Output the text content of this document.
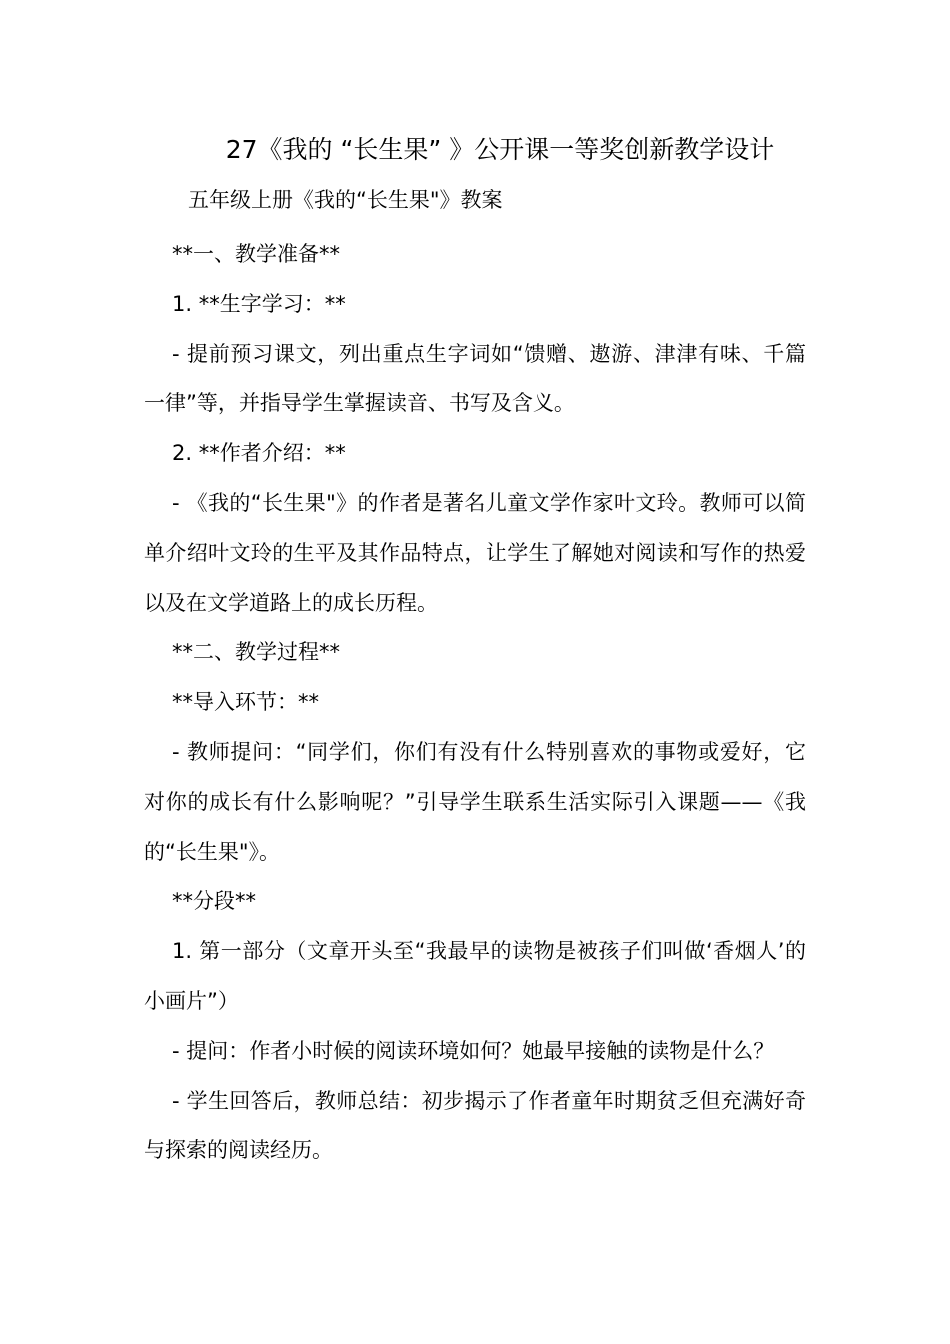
27《我的 “长生果” 》公开课一等奖创新教学设计
五年级上册《我的“长生果"》教案

**一、教学准备**

1. **生字学习：**

- 提前预习课文，列出重点生字词如“馈赠、遨游、津津有味、千篇一律”等，并指导学生掌握读音、书写及含义。

2. **作者介绍：**

- 《我的“长生果"》的作者是著名儿童文学作家叶文玲。教师可以简单介绍叶文玲的生平及其作品特点，让学生了解她对阅读和写作的热爱以及在文学道路上的成长历程。

**二、教学过程**

**导入环节：**

- 教师提问：“同学们，你们有没有什么特别喜欢的事物或爱好，它对你的成长有什么影响呢？”引导学生联系生活实际引入课题——《我的“长生果"》。

**分段**

1. 第一部分（文章开头至“我最早的读物是被孩子们叫做‘香烟人’的小画片”）

- 提问：作者小时候的阅读环境如何？她最早接触的读物是什么？

- 学生回答后，教师总结：初步揭示了作者童年时期贫乏但充满好奇与探索的阅读经历。
